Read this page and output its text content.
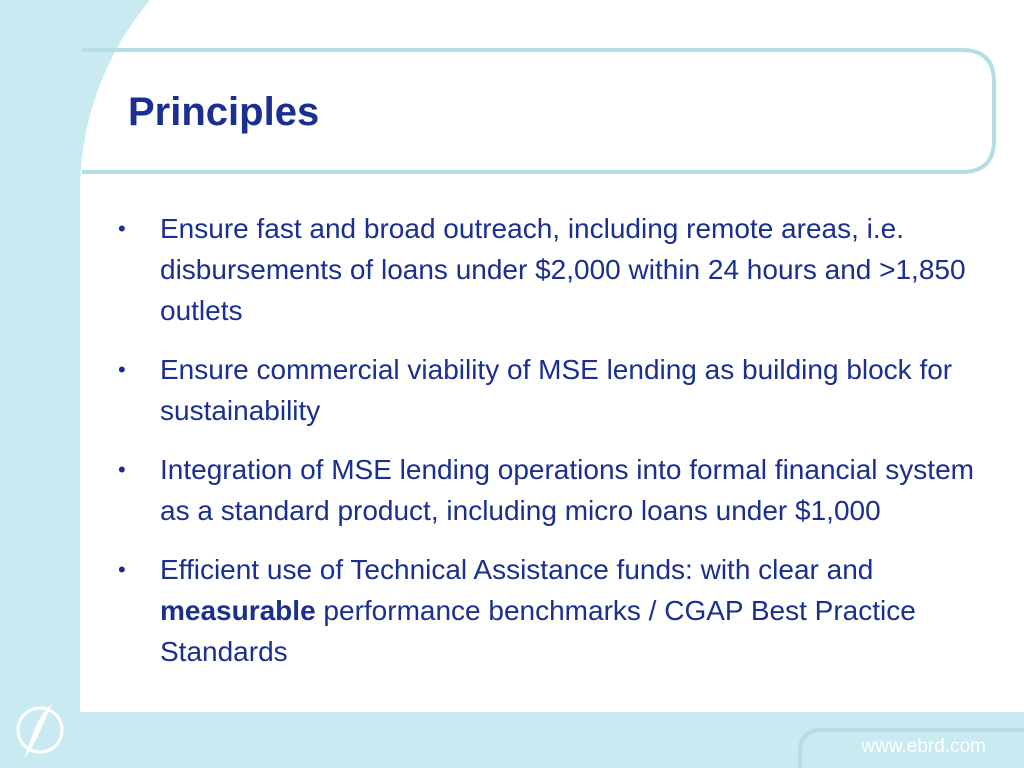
Principles
•	Ensure fast and broad outreach, including remote areas, i.e. disbursements of loans under $2,000 within 24 hours and >1,850 outlets
•	Ensure commercial viability of MSE lending as building block for sustainability
•	Integration of MSE lending operations into formal financial system as a standard product, including micro loans under $1,000
•	Efficient use of Technical Assistance funds: with clear and measurable performance benchmarks / CGAP Best Practice Standards

www.ebrd.com
